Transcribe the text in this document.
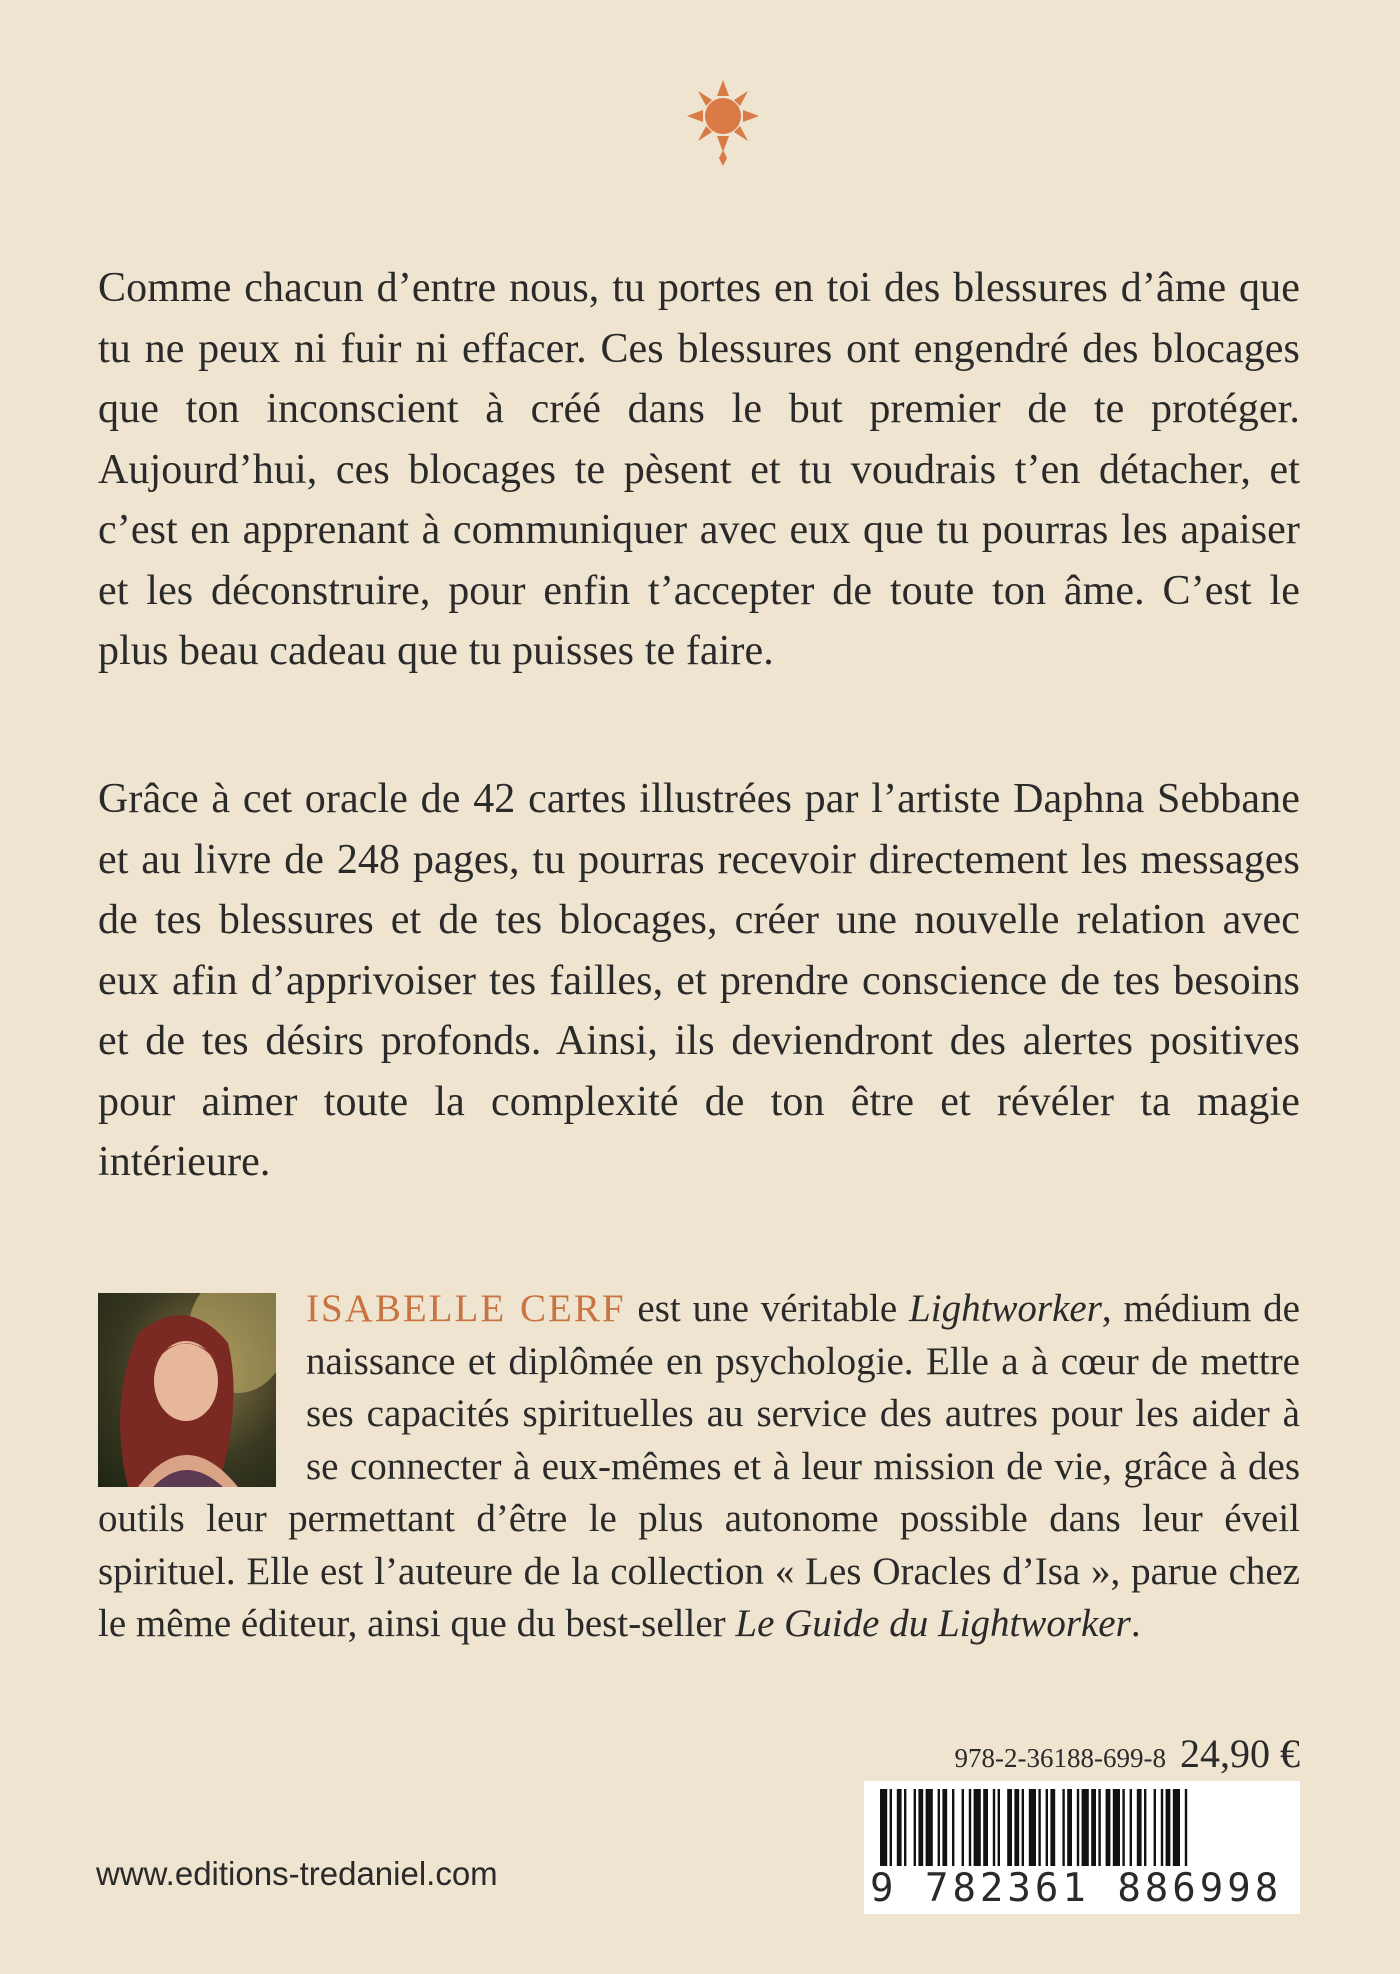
Comme chacun d’entre nous, tu portes en toi des blessures d’âme que tu ne peux ni fuir ni effacer. Ces blessures ont engendré des blocages que ton inconscient à créé dans le but premier de te protéger. Aujourd’hui, ces blocages te pèsent et tu voudrais t’en détacher, et c’est en apprenant à communiquer avec eux que tu pourras les apaiser et les déconstruire, pour enfin t’accepter de toute ton âme. C’est le plus beau cadeau que tu puisses te faire.

Grâce à cet oracle de 42 cartes illustrées par l’artiste Daphna Sebbane et au livre de 248 pages, tu pourras recevoir directement les messages de tes blessures et de tes blocages, créer une nouvelle relation avec eux afin d’apprivoiser tes failles, et prendre conscience de tes besoins et de tes désirs profonds. Ainsi, ils deviendront des alertes positives pour aimer toute la complexité de ton être et révéler ta magie intérieure.

ISABELLE CERF est une véritable Lightworker, médium de naissance et diplômée en psychologie. Elle a à cœur de mettre ses capacités spirituelles au service des autres pour les aider à se connecter à eux-mêmes et à leur mission de vie, grâce à des outils leur permettant d’être le plus autonome possible dans leur éveil spirituel. Elle est l’auteure de la collection « Les Oracles d’Isa », parue chez le même éditeur, ainsi que du best-seller Le Guide du Lightworker.
978-2-36188-699-8 24,90 €
9 782361 886998
www.editions-tredaniel.com
